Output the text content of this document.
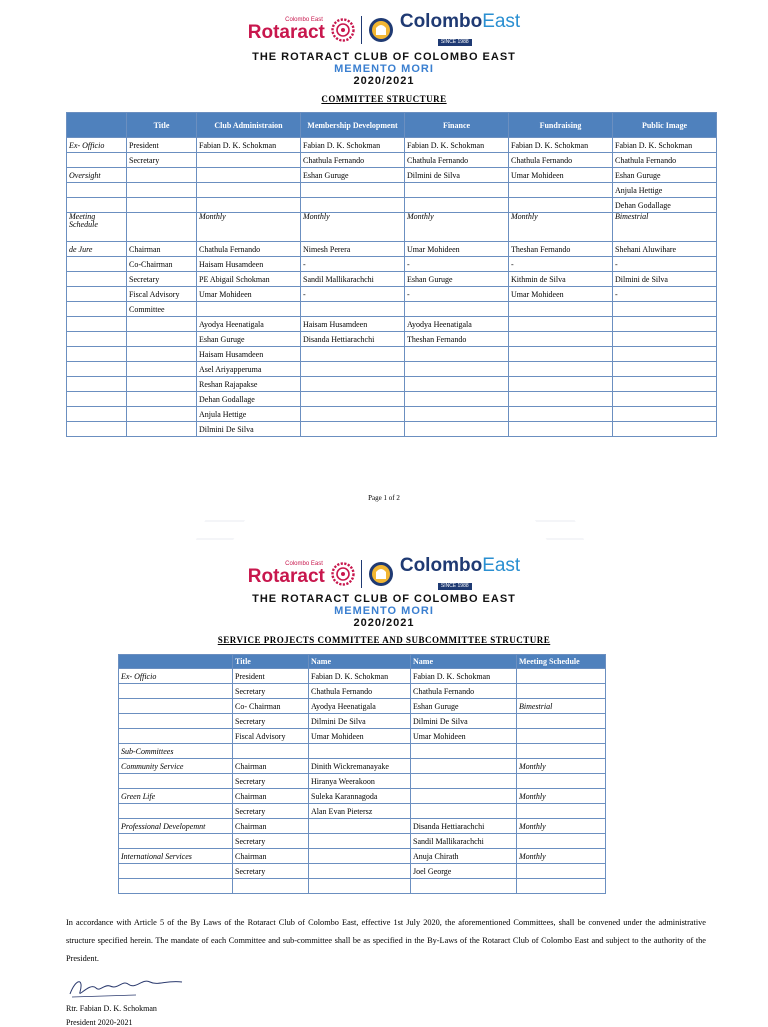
Colombo East
Rotaract
ColomboEast
SINCE 1988
THE ROTARACT CLUB OF COLOMBO EAST
MEMENTO MORI
2020/2021
COMMITTEE STRUCTURE
	Title	Club Administraion	Membership Development	Finance	Fundraising	Public Image
Ex- Officio	President	Fabian D. K. Schokman	Fabian D. K. Schokman	Fabian D. K. Schokman	Fabian D. K. Schokman	Fabian D. K. Schokman
	Secretary		Chathula Fernando	Chathula Fernando	Chathula Fernando	Chathula Fernando
Oversight			Eshan Guruge	Dilmini de Silva	Umar Mohideen	Eshan Guruge
						Anjula Hettige
						Dehan Godallage
Meeting Schedule		Monthly	Monthly	Monthly	Monthly	Bimestrial
de Jure	Chairman	Chathula Fernando	Nimesh Perera	Umar Mohideen	Theshan Fernando	Shehani Aluwihare
	Co-Chairman	Haisam Husamdeen	-	-	-	-
	Secretary	PE Abigail Schokman	Sandil Mallikarachchi	Eshan Guruge	Kithmin de Silva	Dilmini de Silva
	Fiscal Advisory	Umar Mohideen	-	-	Umar Mohideen	-
	Committee					
		Ayodya Heenatigala	Haisam Husamdeen	Ayodya Heenatigala		
		Eshan Guruge	Disanda Hettiarachchi	Theshan Fernando		
		Haisam Husamdeen				
		Asel Ariyapperuma				
		Reshan Rajapakse				
		Dehan Godallage				
		Anjula Hettige				
		Dilmini De Silva				
Page 1 of 2
Colombo East
Rotaract
ColomboEast
SINCE 1988
THE ROTARACT CLUB OF COLOMBO EAST
MEMENTO MORI
2020/2021
SERVICE PROJECTS COMMITTEE AND SUBCOMMITTEE STRUCTURE
	Title	Name	Name	Meeting Schedule
Ex- Officio	President	Fabian D. K. Schokman	Fabian D. K. Schokman	
	Secretary	Chathula Fernando	Chathula Fernando	
	Co- Chairman	Ayodya Heenatigala	Eshan Guruge	Bimestrial
	Secretary	Dilmini De Silva	Dilmini De Silva	
	Fiscal Advisory	Umar Mohideen	Umar Mohideen	
Sub-Committees				
Community Service	Chairman	Dinith Wickremanayake		Monthly
	Secretary	Hiranya Weerakoon		
Green Life	Chairman	Suleka Karannagoda		Monthly
	Secretary	Alan Evan Pietersz		
Professional Developemnt	Chairman		Disanda Hettiarachchi	Monthly
	Secretary		Sandil Mallikarachchi	
International Services	Chairman		Anuja Chirath	Monthly
	Secretary		Joel George	

In accordance with Article 5 of the By Laws of the Rotaract Club of Colombo East, effective 1st July 2020, the aforementioned Committees, shall be convened under the administrative structure specified herein. The mandate of each Committee and sub-committee shall be as specified in the By-Laws of the Rotaract Club of Colombo East and subject to the authority of the President.
Rtr. Fabian D. K. Schokman
President 2020-2021
